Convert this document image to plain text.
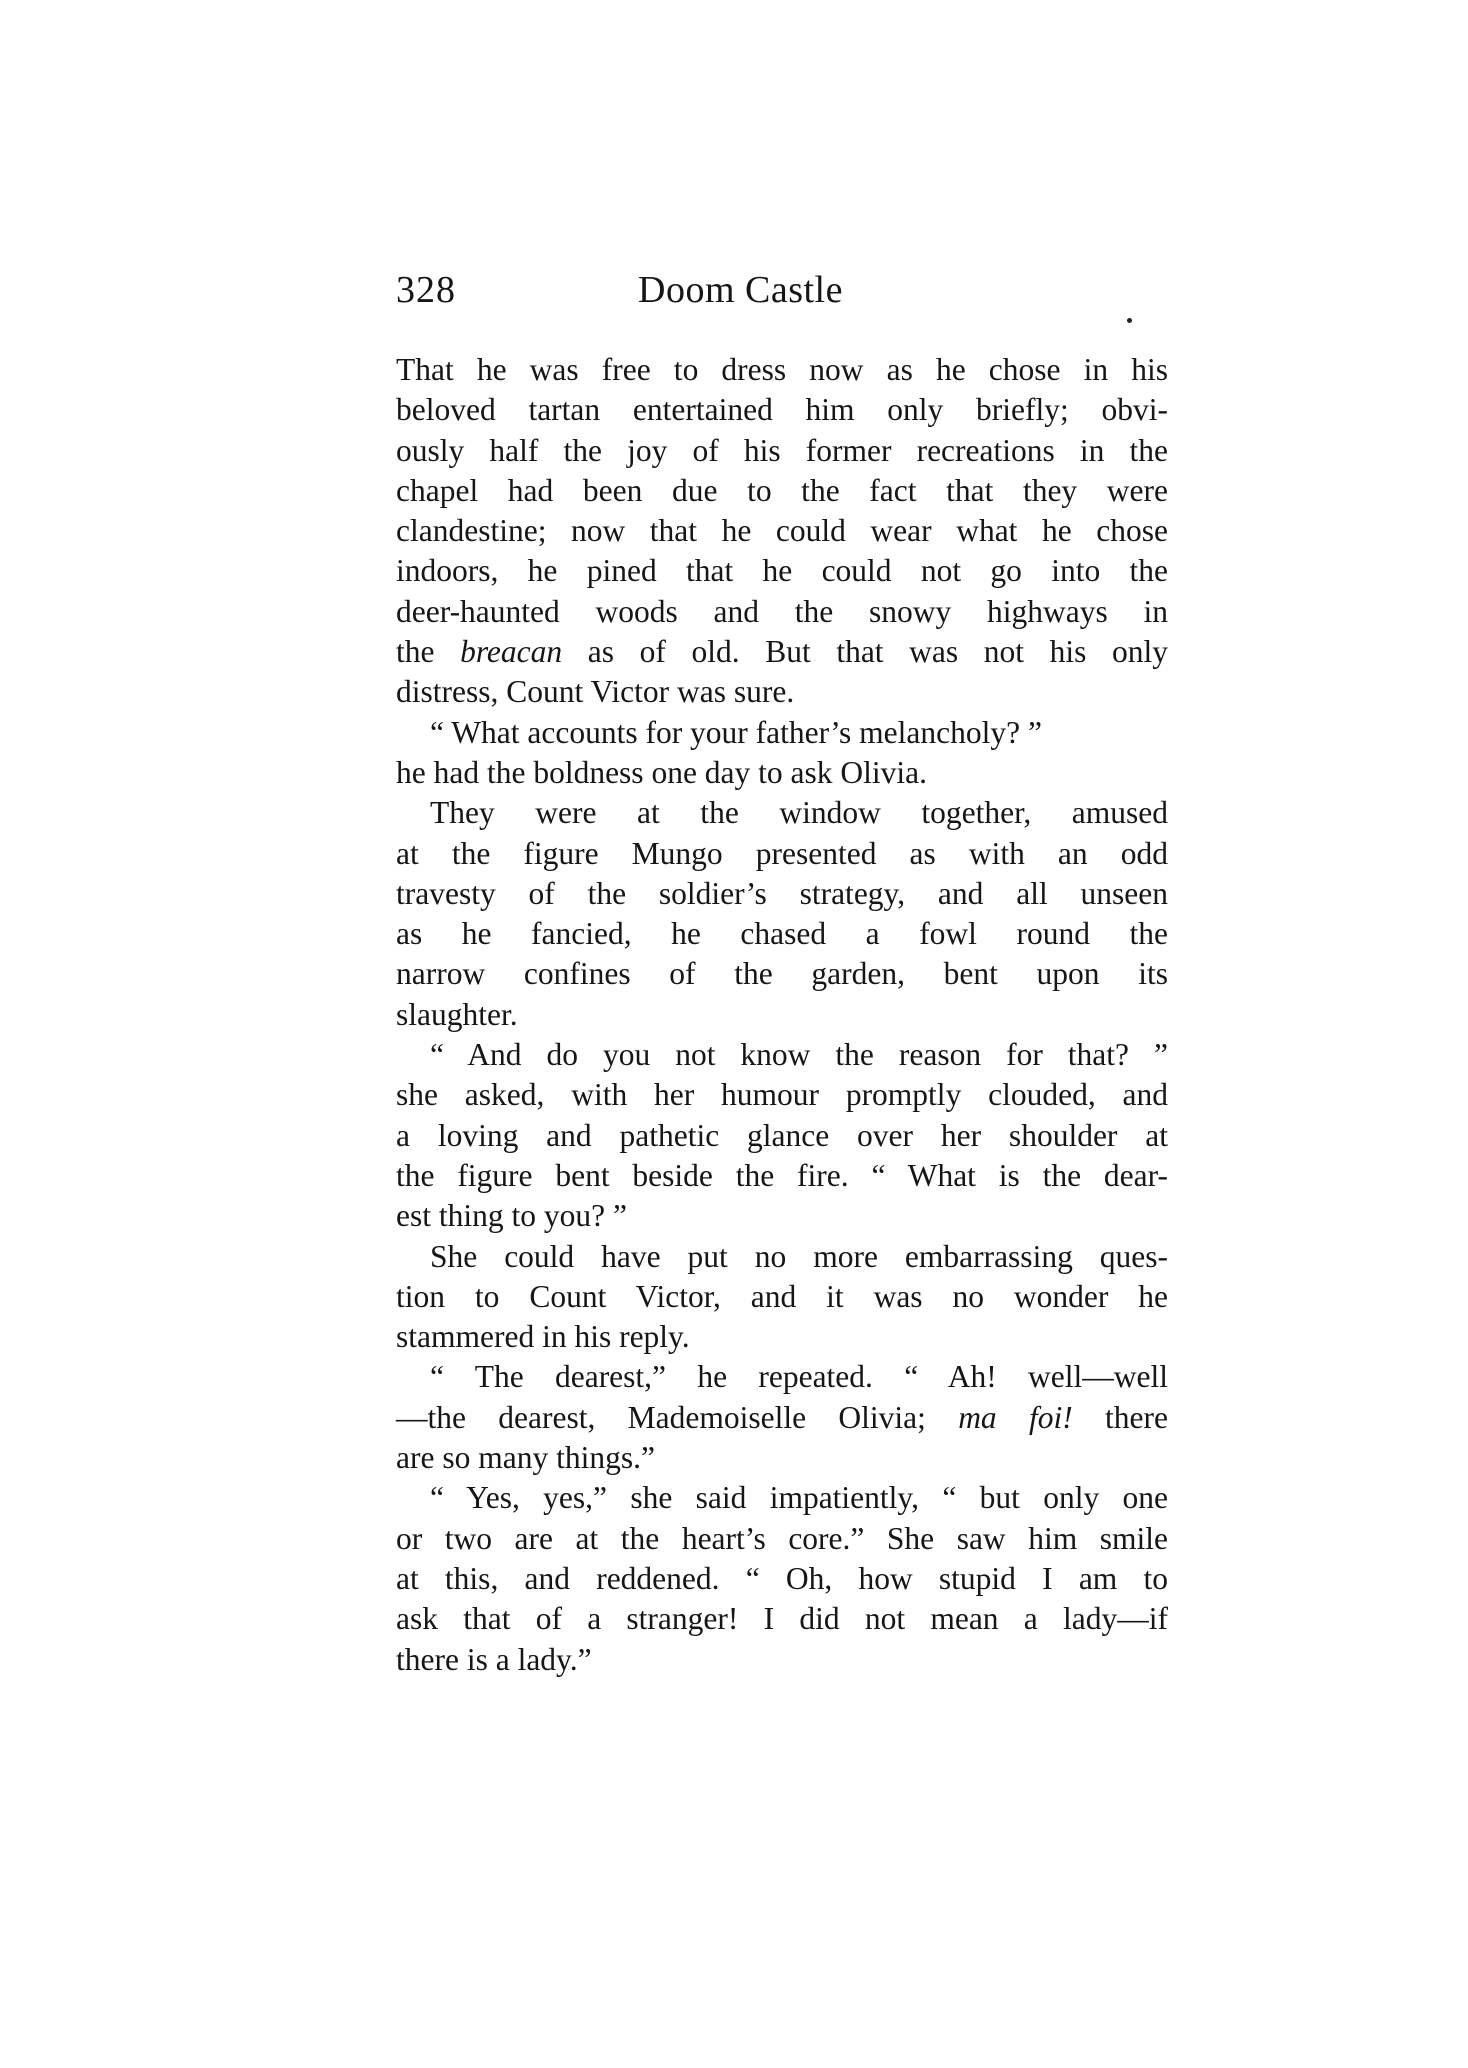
328	Doom Castle
That he was free to dress now as he chose in his
beloved tartan entertained him only briefly; obvi-
ously half the joy of his former recreations in the
chapel had been due to the fact that they were
clandestine; now that he could wear what he chose
indoors, he pined that he could not go into the
deer-haunted woods and the snowy highways in
the breacan as of old. But that was not his only
distress, Count Victor was sure.
“ What accounts for your father’s melancholy? ”
he had the boldness one day to ask Olivia.
They were at the window together, amused
at the figure Mungo presented as with an odd
travesty of the soldier’s strategy, and all unseen
as he fancied, he chased a fowl round the
narrow confines of the garden, bent upon its
slaughter.
“ And do you not know the reason for that? ”
she asked, with her humour promptly clouded, and
a loving and pathetic glance over her shoulder at
the figure bent beside the fire. “ What is the dear-
est thing to you? ”
She could have put no more embarrassing ques-
tion to Count Victor, and it was no wonder he
stammered in his reply.
“ The dearest,” he repeated. “ Ah! well—well
—the dearest, Mademoiselle Olivia; ma foi! there
are so many things.”
“ Yes, yes,” she said impatiently, “ but only one
or two are at the heart’s core.” She saw him smile
at this, and reddened. “ Oh, how stupid I am to
ask that of a stranger! I did not mean a lady—if
there is a lady.”
